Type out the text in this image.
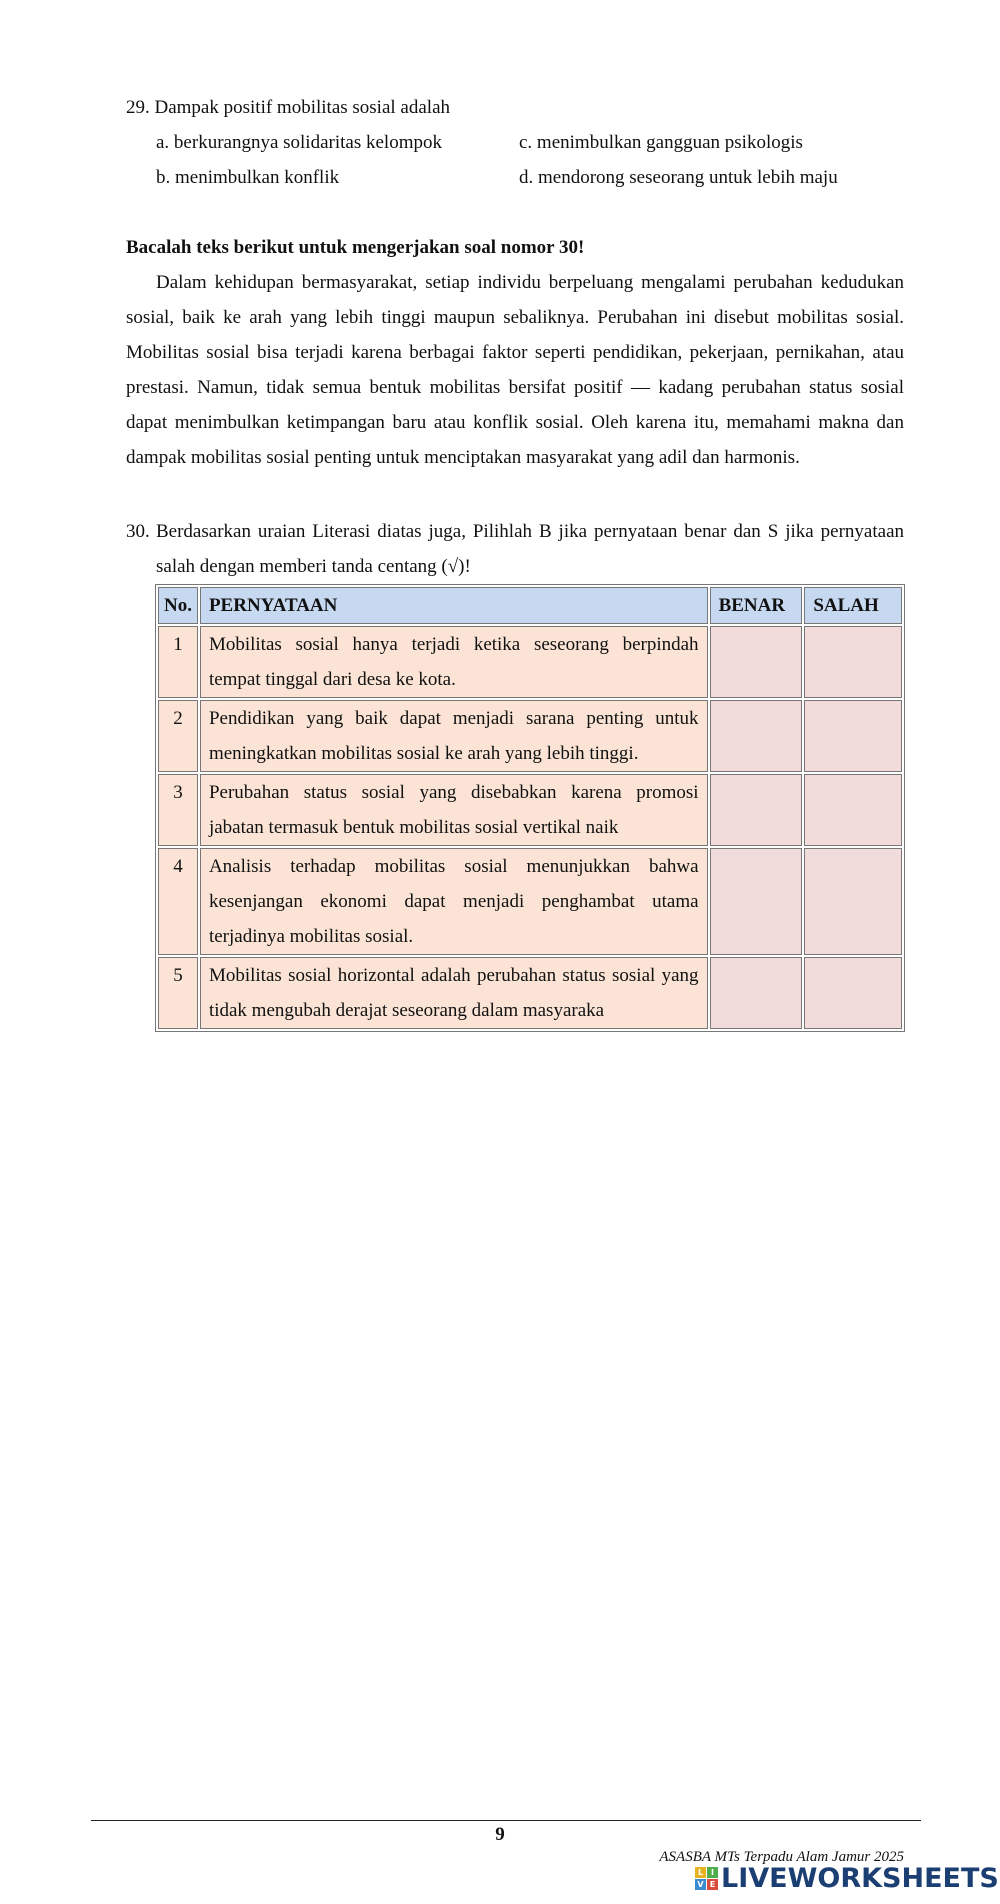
29. Dampak positif mobilitas sosial adalah
a. berkurangnya solidaritas kelompok
b. menimbulkan konflik
c. menimbulkan gangguan psikologis
d. mendorong seseorang untuk lebih maju
Bacalah teks berikut untuk mengerjakan soal nomor 30!
Dalam kehidupan bermasyarakat, setiap individu berpeluang mengalami perubahan kedudukan sosial, baik ke arah yang lebih tinggi maupun sebaliknya. Perubahan ini disebut mobilitas sosial. Mobilitas sosial bisa terjadi karena berbagai faktor seperti pendidikan, pekerjaan, pernikahan, atau prestasi. Namun, tidak semua bentuk mobilitas bersifat positif — kadang perubahan status sosial dapat menimbulkan ketimpangan baru atau konflik sosial. Oleh karena itu, memahami makna dan dampak mobilitas sosial penting untuk menciptakan masyarakat yang adil dan harmonis.
30. Berdasarkan uraian Literasi diatas juga, Pilihlah B jika pernyataan benar dan S jika pernyataan salah dengan memberi tanda centang (√)!
No.	PERNYATAAN	BENAR	SALAH
1	Mobilitas sosial hanya terjadi ketika seseorang berpindah tempat tinggal dari desa ke kota.		
2	Pendidikan yang baik dapat menjadi sarana penting untuk meningkatkan mobilitas sosial ke arah yang lebih tinggi.		
3	Perubahan status sosial yang disebabkan karena promosi jabatan termasuk bentuk mobilitas sosial vertikal naik		
4	Analisis terhadap mobilitas sosial menunjukkan bahwa kesenjangan ekonomi dapat menjadi penghambat utama terjadinya mobilitas sosial.		
5	Mobilitas sosial horizontal adalah perubahan status sosial yang tidak mengubah derajat seseorang dalam masyaraka		
9
ASASBA MTs Terpadu Alam Jamur 2025
L I
V E LIVEWORKSHEETS
